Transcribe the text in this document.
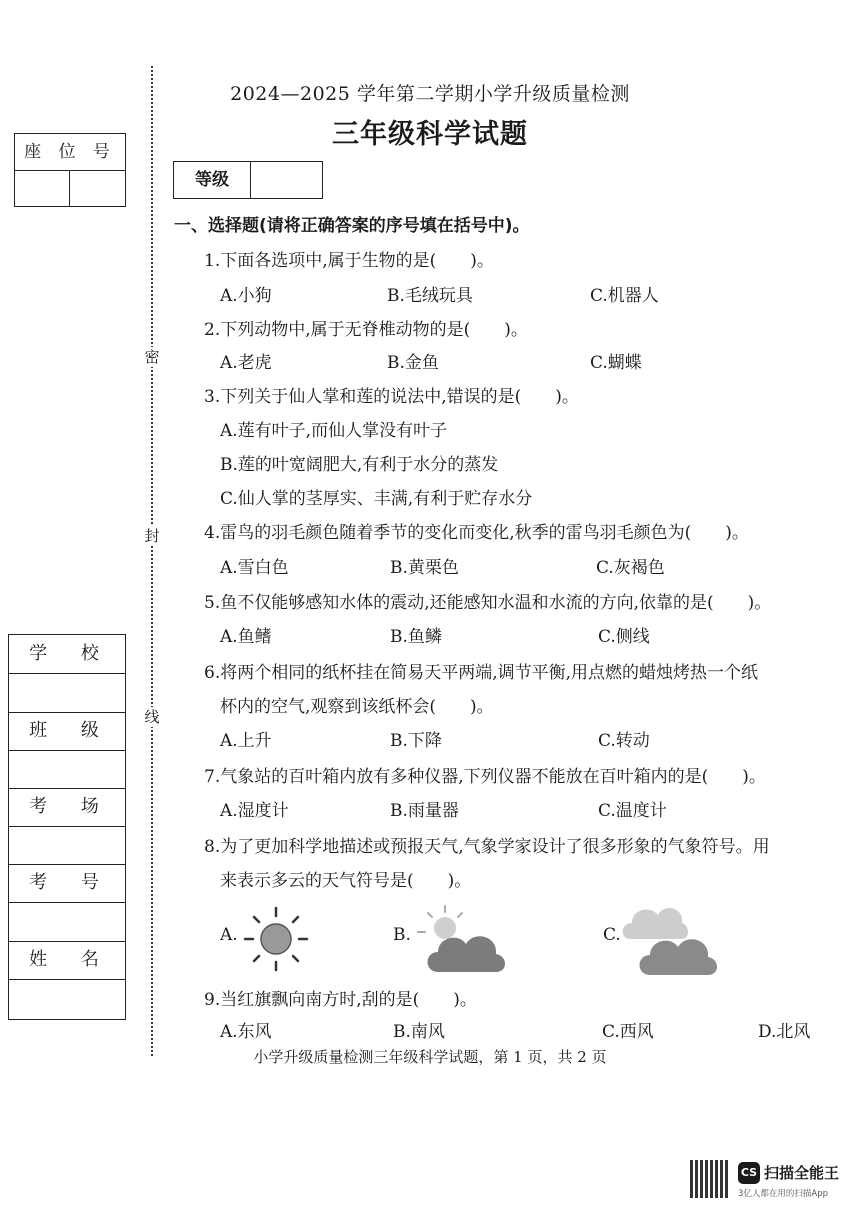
2024—2025 学年第二学期小学升级质量检测
三年级科学试题
座 位 号
等级
密
封
线
学 校
班 级
考 场
考 号
姓 名
一、选择题(请将正确答案的序号填在括号中)。
1.下面各选项中,属于生物的是(　　)。
A.小狗	B.毛绒玩具	C.机器人
2.下列动物中,属于无脊椎动物的是(　　)。
A.老虎	B.金鱼	C.蝴蝶
3.下列关于仙人掌和莲的说法中,错误的是(　　)。
A.莲有叶子,而仙人掌没有叶子
B.莲的叶宽阔肥大,有利于水分的蒸发
C.仙人掌的茎厚实、丰满,有利于贮存水分
4.雷鸟的羽毛颜色随着季节的变化而变化,秋季的雷鸟羽毛颜色为(　　)。
A.雪白色	B.黄栗色	C.灰褐色
5.鱼不仅能够感知水体的震动,还能感知水温和水流的方向,依靠的是(　　)。
A.鱼鳍	B.鱼鳞	C.侧线
6.将两个相同的纸杯挂在简易天平两端,调节平衡,用点燃的蜡烛烤热一个纸
杯内的空气,观察到该纸杯会(　　)。
A.上升	B.下降	C.转动
7.气象站的百叶箱内放有多种仪器,下列仪器不能放在百叶箱内的是(　　)。
A.湿度计	B.雨量器	C.温度计
8.为了更加科学地描述或预报天气,气象学家设计了很多形象的气象符号。用
来表示多云的天气符号是(　　)。
A.	B.	C.
9.当红旗飘向南方时,刮的是(　　)。
A.东风	B.南风	C.西风	D.北风
小学升级质量检测三年级科学试题，第 1 页，共 2 页
CS 扫描全能王
3亿人都在用的扫描App
